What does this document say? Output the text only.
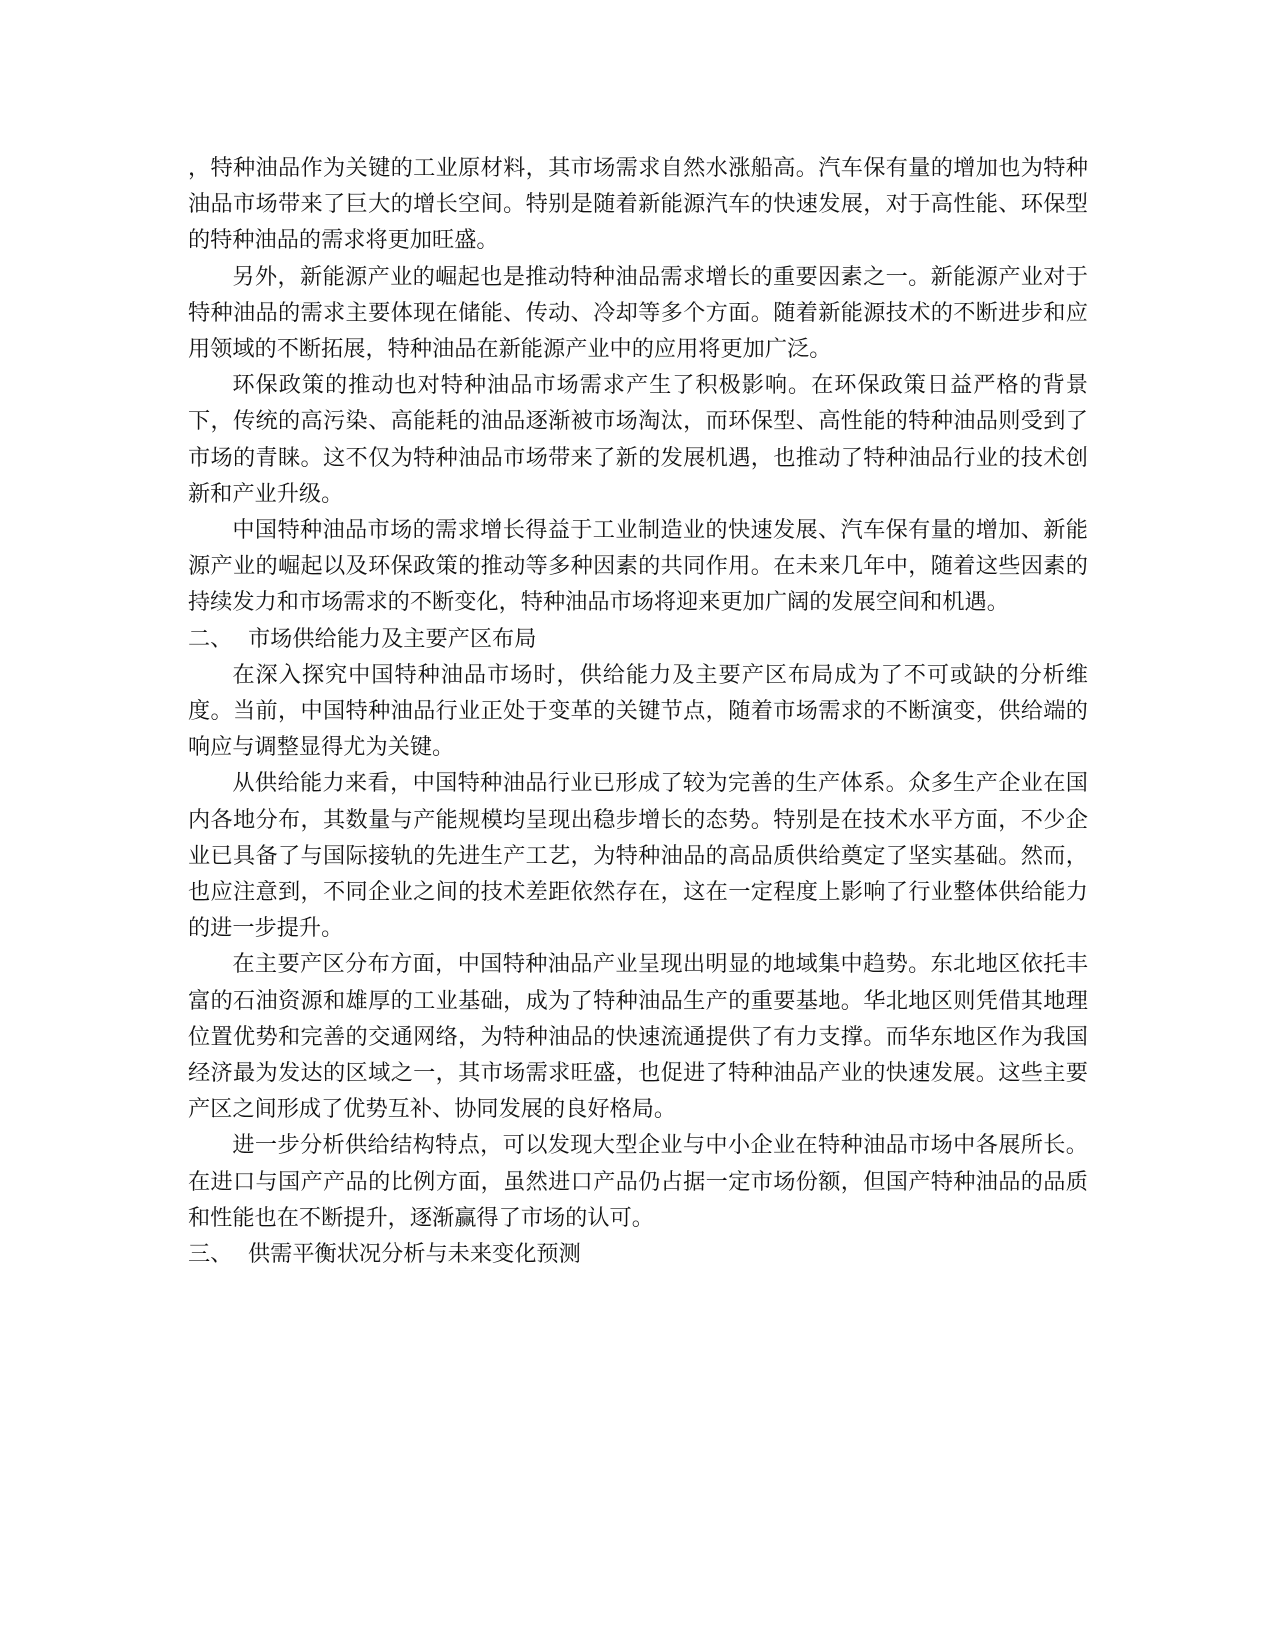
，特种油品作为关键的工业原材料，其市场需求自然水涨船高。汽车保有量的增加也为特种油品市场带来了巨大的增长空间。特别是随着新能源汽车的快速发展，对于高性能、环保型的特种油品的需求将更加旺盛。

另外，新能源产业的崛起也是推动特种油品需求增长的重要因素之一。新能源产业对于特种油品的需求主要体现在储能、传动、冷却等多个方面。随着新能源技术的不断进步和应用领域的不断拓展，特种油品在新能源产业中的应用将更加广泛。

环保政策的推动也对特种油品市场需求产生了积极影响。在环保政策日益严格的背景下，传统的高污染、高能耗的油品逐渐被市场淘汰，而环保型、高性能的特种油品则受到了市场的青睐。这不仅为特种油品市场带来了新的发展机遇，也推动了特种油品行业的技术创新和产业升级。

中国特种油品市场的需求增长得益于工业制造业的快速发展、汽车保有量的增加、新能源产业的崛起以及环保政策的推动等多种因素的共同作用。在未来几年中，随着这些因素的持续发力和市场需求的不断变化，特种油品市场将迎来更加广阔的发展空间和机遇。

二、 市场供给能力及主要产区布局

在深入探究中国特种油品市场时，供给能力及主要产区布局成为了不可或缺的分析维度。当前，中国特种油品行业正处于变革的关键节点，随着市场需求的不断演变，供给端的响应与调整显得尤为关键。

从供给能力来看，中国特种油品行业已形成了较为完善的生产体系。众多生产企业在国内各地分布，其数量与产能规模均呈现出稳步增长的态势。特别是在技术水平方面，不少企业已具备了与国际接轨的先进生产工艺，为特种油品的高品质供给奠定了坚实基础。然而，也应注意到，不同企业之间的技术差距依然存在，这在一定程度上影响了行业整体供给能力的进一步提升。

在主要产区分布方面，中国特种油品产业呈现出明显的地域集中趋势。东北地区依托丰富的石油资源和雄厚的工业基础，成为了特种油品生产的重要基地。华北地区则凭借其地理位置优势和完善的交通网络，为特种油品的快速流通提供了有力支撑。而华东地区作为我国经济最为发达的区域之一，其市场需求旺盛，也促进了特种油品产业的快速发展。这些主要产区之间形成了优势互补、协同发展的良好格局。

进一步分析供给结构特点，可以发现大型企业与中小企业在特种油品市场中各展所长。在进口与国产产品的比例方面，虽然进口产品仍占据一定市场份额，但国产特种油品的品质和性能也在不断提升，逐渐赢得了市场的认可。

三、 供需平衡状况分析与未来变化预测
